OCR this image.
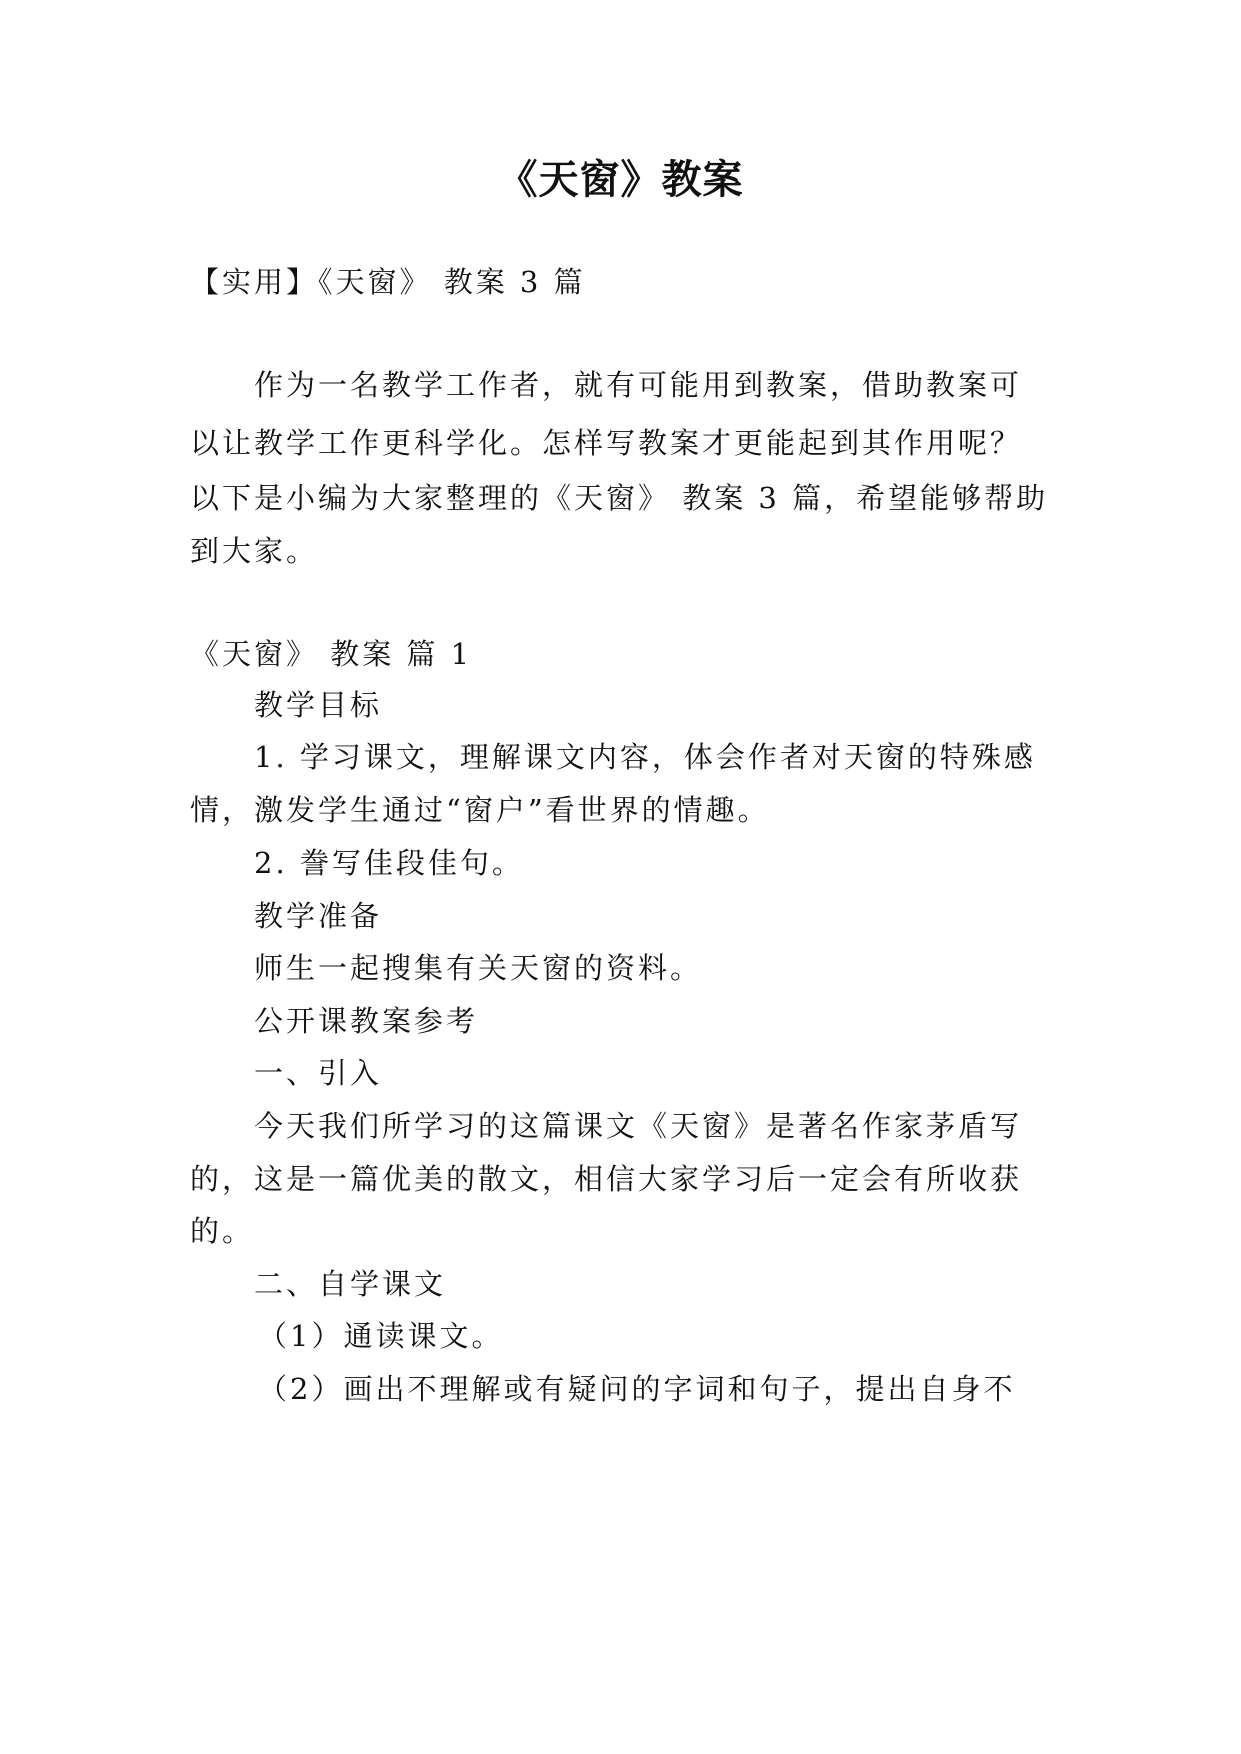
《天窗》教案
【实用】《天窗》 教案 3 篇
作为一名教学工作者，就有可能用到教案，借助教案可
以让教学工作更科学化。怎样写教案才更能起到其作用呢？
以下是小编为大家整理的《天窗》 教案 3 篇，希望能够帮助
到大家。
《天窗》 教案 篇 1
教学目标
1. 学习课文，理解课文内容，体会作者对天窗的特殊感
情，激发学生通过“窗户”看世界的情趣。
2. 誊写佳段佳句。
教学准备
师生一起搜集有关天窗的资料。
公开课教案参考
一、引入
今天我们所学习的这篇课文《天窗》是著名作家茅盾写
的，这是一篇优美的散文，相信大家学习后一定会有所收获
的。
二、自学课文
（1）通读课文。
（2）画出不理解或有疑问的字词和句子，提出自身不
